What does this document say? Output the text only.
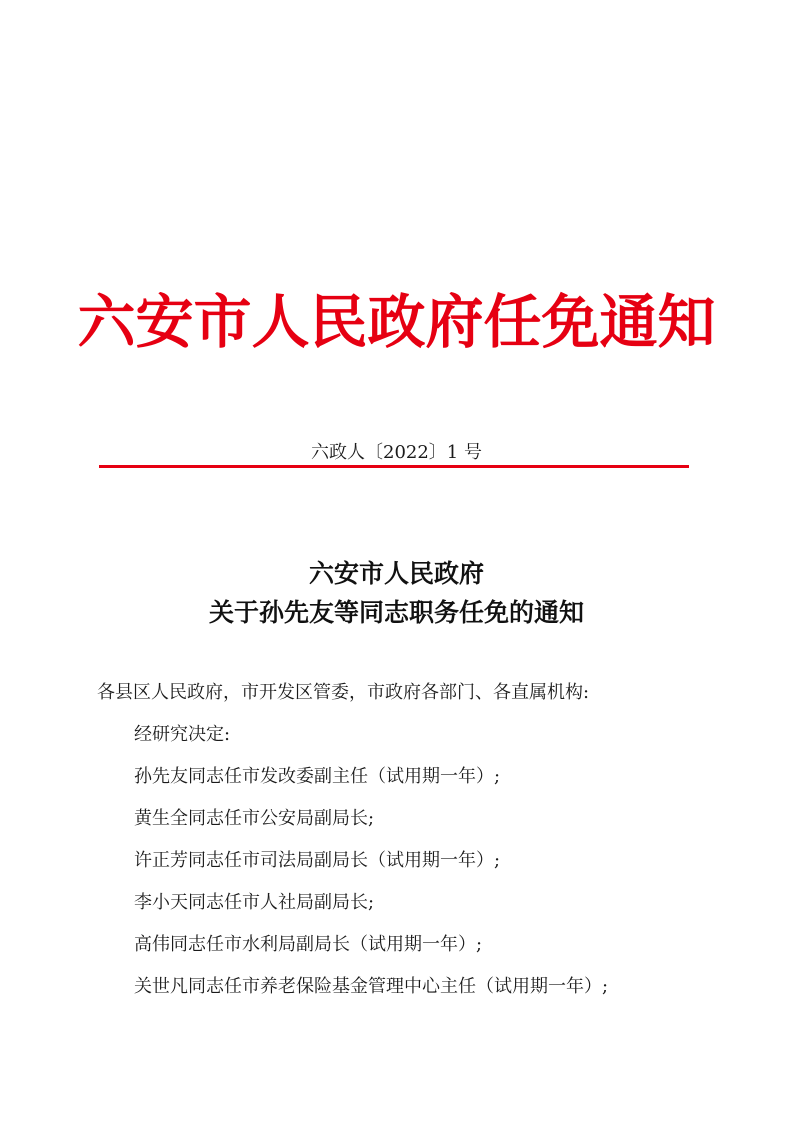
六安市人民政府任免通知
六政人〔2022〕1 号
六安市人民政府
关于孙先友等同志职务任免的通知
各县区人民政府，市开发区管委，市政府各部门、各直属机构:
经研究决定:
孙先友同志任市发改委副主任（试用期一年）;
黄生全同志任市公安局副局长;
许正芳同志任市司法局副局长（试用期一年）;
李小天同志任市人社局副局长;
高伟同志任市水利局副局长（试用期一年）;
关世凡同志任市养老保险基金管理中心主任（试用期一年）;
